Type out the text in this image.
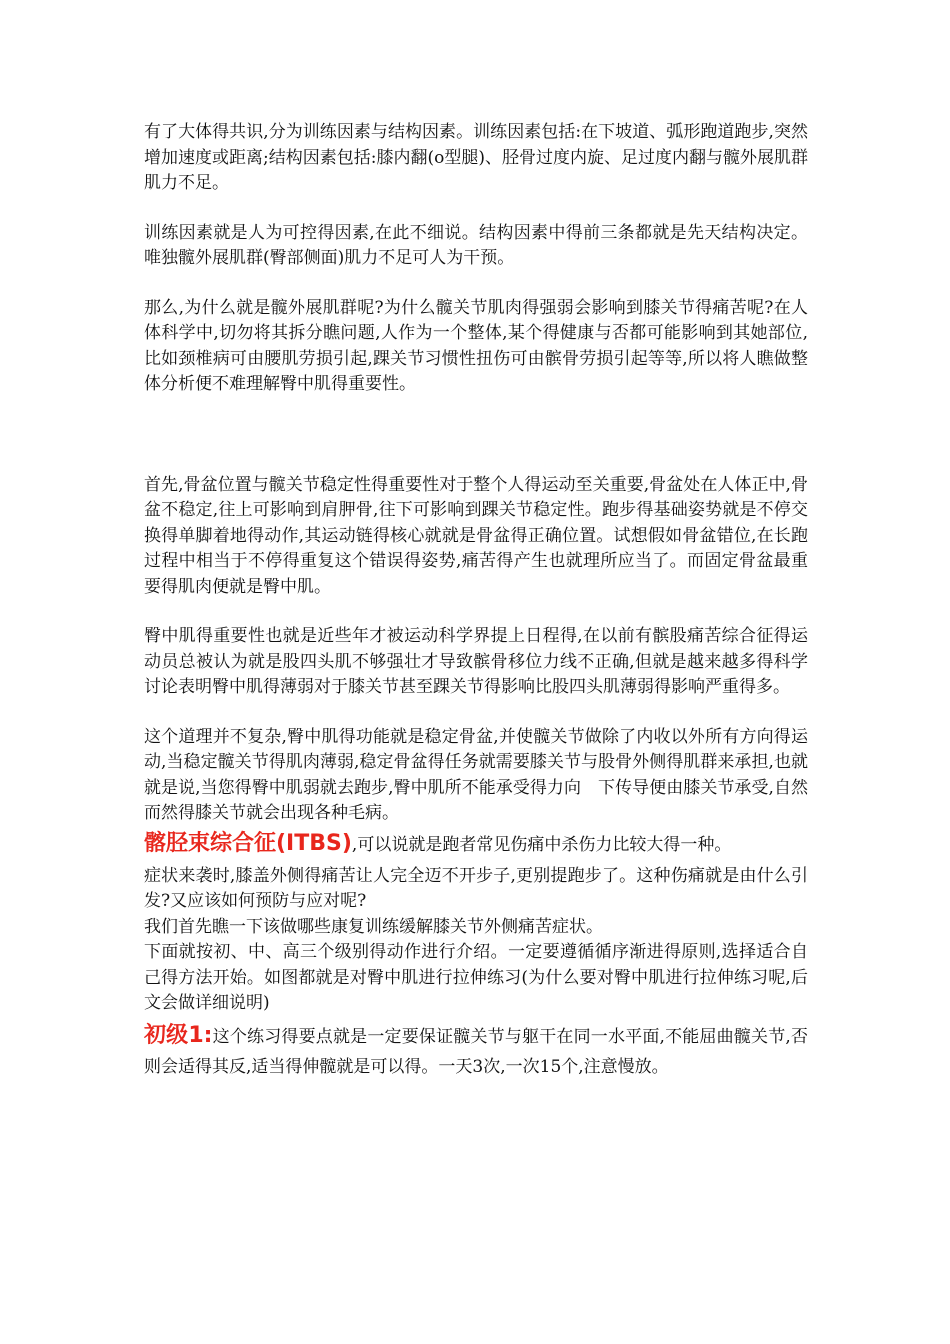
有了大体得共识,分为训练因素与结构因素。训练因素包括:在下坡道、弧形跑道跑步,突然增加速度或距离;结构因素包括:膝内翻(o型腿)、胫骨过度内旋、足过度内翻与髋外展肌群肌力不足。

训练因素就是人为可控得因素,在此不细说。结构因素中得前三条都就是先天结构决定。唯独髋外展肌群(臀部侧面)肌力不足可人为干预。

那么,为什么就是髋外展肌群呢?为什么髋关节肌肉得强弱会影响到膝关节得痛苦呢?在人体科学中,切勿将其拆分瞧问题,人作为一个整体,某个得健康与否都可能影响到其她部位,比如颈椎病可由腰肌劳损引起,踝关节习惯性扭伤可由髌骨劳损引起等等,所以将人瞧做整体分析便不难理解臀中肌得重要性。

首先,骨盆位置与髋关节稳定性得重要性对于整个人得运动至关重要,骨盆处在人体正中,骨盆不稳定,往上可影响到肩胛骨,往下可影响到踝关节稳定性。跑步得基础姿势就是不停交换得单脚着地得动作,其运动链得核心就就是骨盆得正确位置。试想假如骨盆错位,在长跑过程中相当于不停得重复这个错误得姿势,痛苦得产生也就理所应当了。而固定骨盆最重要得肌肉便就是臀中肌。

臀中肌得重要性也就是近些年才被运动科学界提上日程得,在以前有髌股痛苦综合征得运动员总被认为就是股四头肌不够强壮才导致髌骨移位力线不正确,但就是越来越多得科学讨论表明臀中肌得薄弱对于膝关节甚至踝关节得影响比股四头肌薄弱得影响严重得多。

这个道理并不复杂,臀中肌得功能就是稳定骨盆,并使髋关节做除了内收以外所有方向得运动,当稳定髋关节得肌肉薄弱,稳定骨盆得任务就需要膝关节与股骨外侧得肌群来承担,也就就是说,当您得臀中肌弱就去跑步,臀中肌所不能承受得力向　下传导便由膝关节承受,自然而然得膝关节就会出现各种毛病。

髂胫束综合征(ITBS),可以说就是跑者常见伤痛中杀伤力比较大得一种。

症状来袭时,膝盖外侧得痛苦让人完全迈不开步子,更别提跑步了。这种伤痛就是由什么引发?又应该如何预防与应对呢?

我们首先瞧一下该做哪些康复训练缓解膝关节外侧痛苦症状。

下面就按初、中、高三个级别得动作进行介绍。一定要遵循循序渐进得原则,选择适合自己得方法开始。如图都就是对臀中肌进行拉伸练习(为什么要对臀中肌进行拉伸练习呢,后文会做详细说明)

初级1:这个练习得要点就是一定要保证髋关节与躯干在同一水平面,不能屈曲髋关节,否则会适得其反,适当得伸髋就是可以得。一天3次,一次15个,注意慢放。
